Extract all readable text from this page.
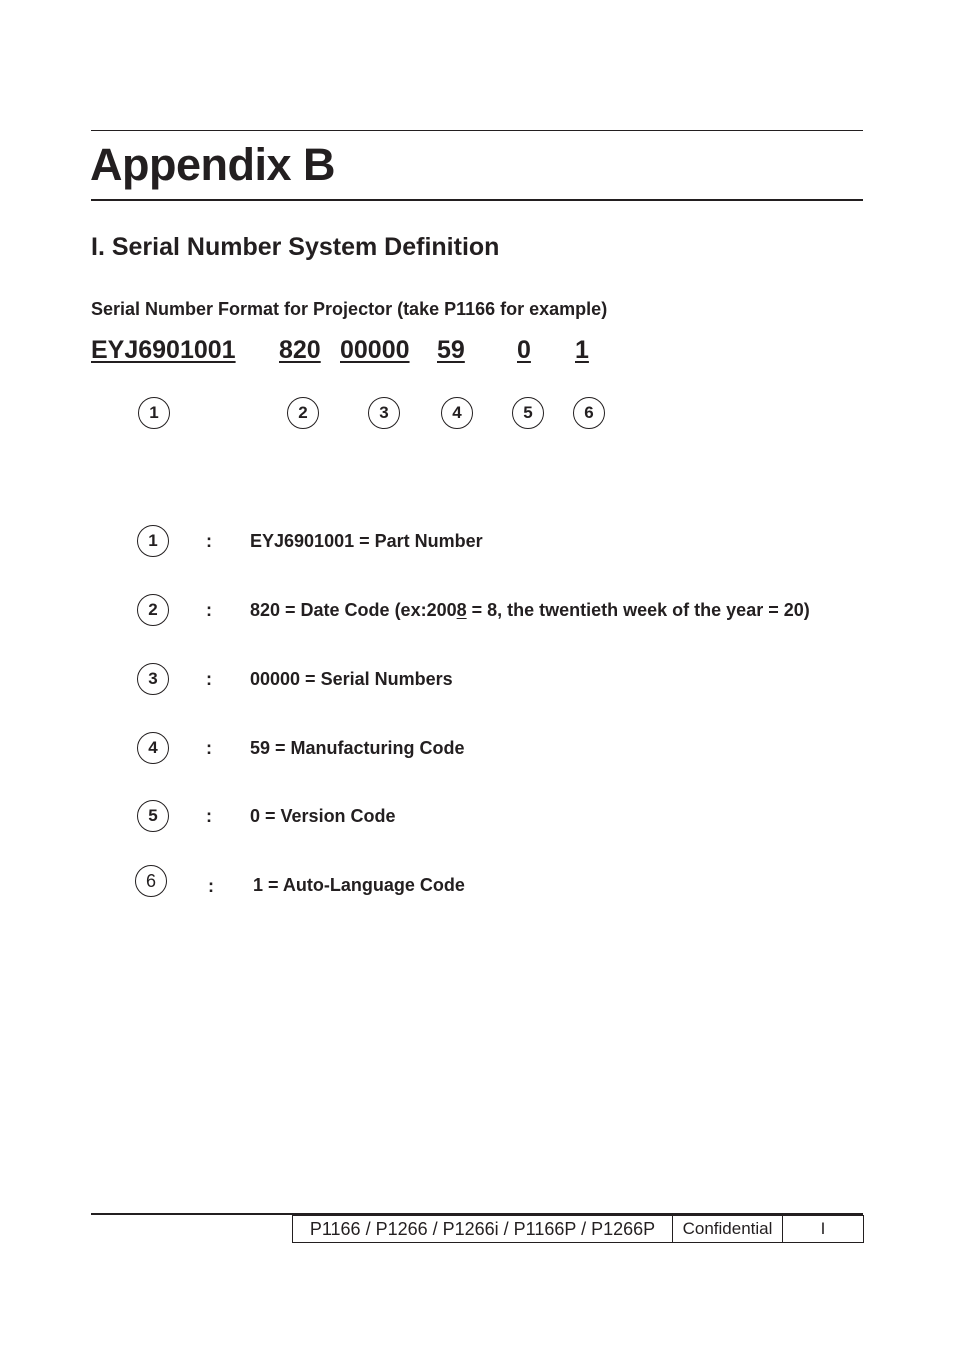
Appendix B
I. Serial Number System Definition
Serial Number Format for Projector (take P1166 for example)
EYJ6901001 820 00000 59 0 1
1	2	3	4	5	6
1	: EYJ6901001 = Part Number
2	: 820 = Date Code (ex:2008 = 8, the twentieth week of the year = 20)
3	: 00000 = Serial Numbers
4	: 59 = Manufacturing Code
5	: 0 = Version Code
6	: 1 = Auto-Language Code
P1166 / P1266 / P1266i / P1166P / P1266P	Confidential	I
